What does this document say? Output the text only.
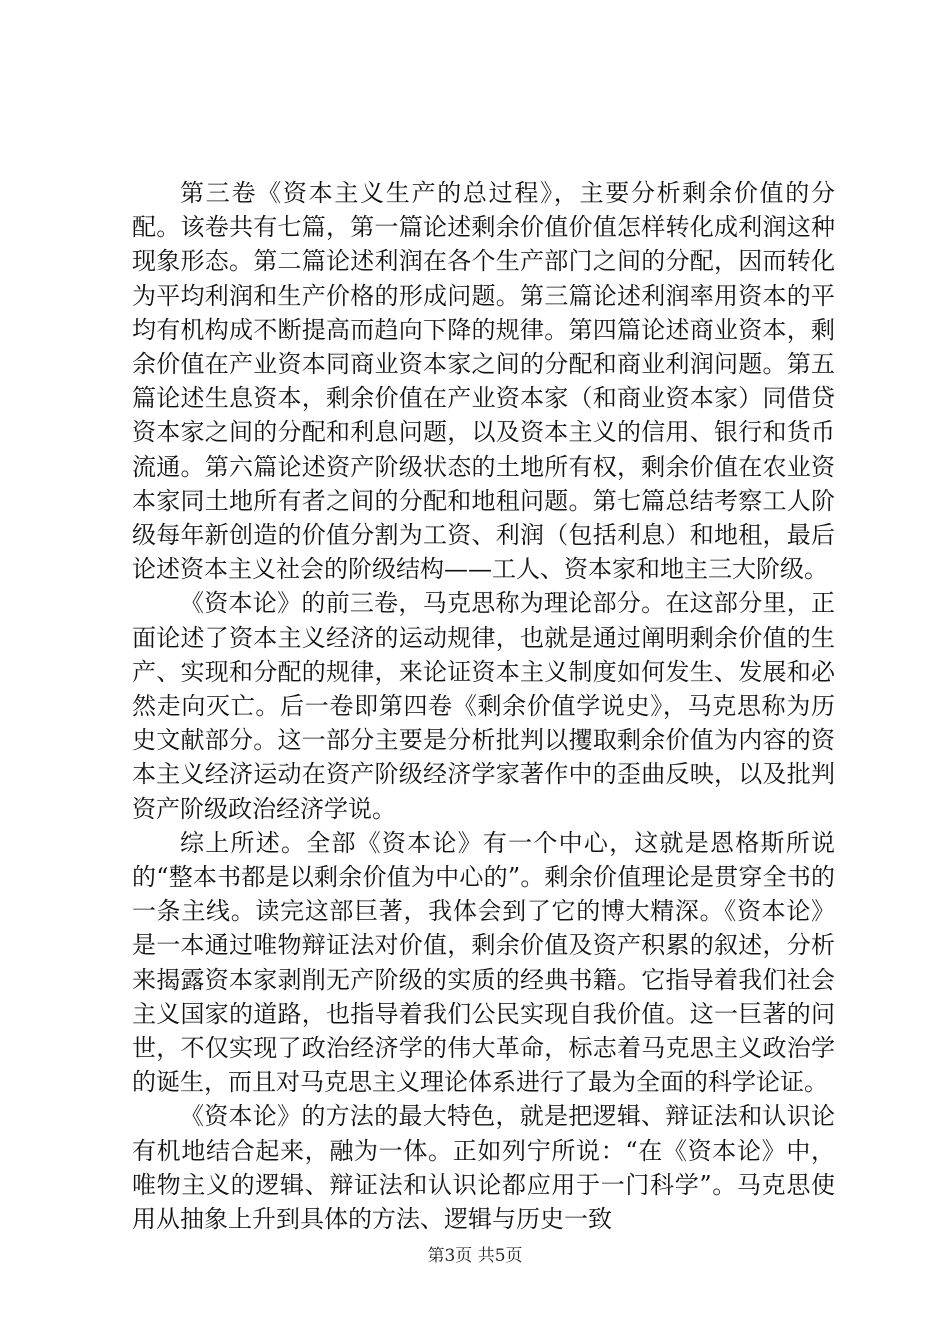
第三卷《资本主义生产的总过程》，主要分析剩余价值的分配。该卷共有七篇，第一篇论述剩余价值价值怎样转化成利润这种现象形态。第二篇论述利润在各个生产部门之间的分配，因而转化为平均利润和生产价格的形成问题。第三篇论述利润率用资本的平均有机构成不断提高而趋向下降的规律。第四篇论述商业资本，剩余价值在产业资本同商业资本家之间的分配和商业利润问题。第五篇论述生息资本，剩余价值在产业资本家（和商业资本家）同借贷资本家之间的分配和利息问题，以及资本主义的信用、银行和货币流通。第六篇论述资产阶级状态的土地所有权，剩余价值在农业资本家同土地所有者之间的分配和地租问题。第七篇总结考察工人阶级每年新创造的价值分割为工资、利润（包括利息）和地租，最后论述资本主义社会的阶级结构——工人、资本家和地主三大阶级。

《资本论》的前三卷，马克思称为理论部分。在这部分里，正面论述了资本主义经济的运动规律，也就是通过阐明剩余价值的生产、实现和分配的规律，来论证资本主义制度如何发生、发展和必然走向灭亡。后一卷即第四卷《剩余价值学说史》，马克思称为历史文献部分。这一部分主要是分析批判以攫取剩余价值为内容的资本主义经济运动在资产阶级经济学家著作中的歪曲反映，以及批判资产阶级政治经济学说。

综上所述。全部《资本论》有一个中心，这就是恩格斯所说的“整本书都是以剩余价值为中心的”。剩余价值理论是贯穿全书的一条主线。读完这部巨著，我体会到了它的博大精深。《资本论》是一本通过唯物辩证法对价值，剩余价值及资产积累的叙述，分析来揭露资本家剥削无产阶级的实质的经典书籍。它指导着我们社会主义国家的道路，也指导着我们公民实现自我价值。这一巨著的问世，不仅实现了政治经济学的伟大革命，标志着马克思主义政治学的诞生，而且对马克思主义理论体系进行了最为全面的科学论证。

《资本论》的方法的最大特色，就是把逻辑、辩证法和认识论有机地结合起来，融为一体。正如列宁所说：“在《资本论》中，唯物主义的逻辑、辩证法和认识论都应用于一门科学”。马克思使用从抽象上升到具体的方法、逻辑与历史一致

第3页 共5页
